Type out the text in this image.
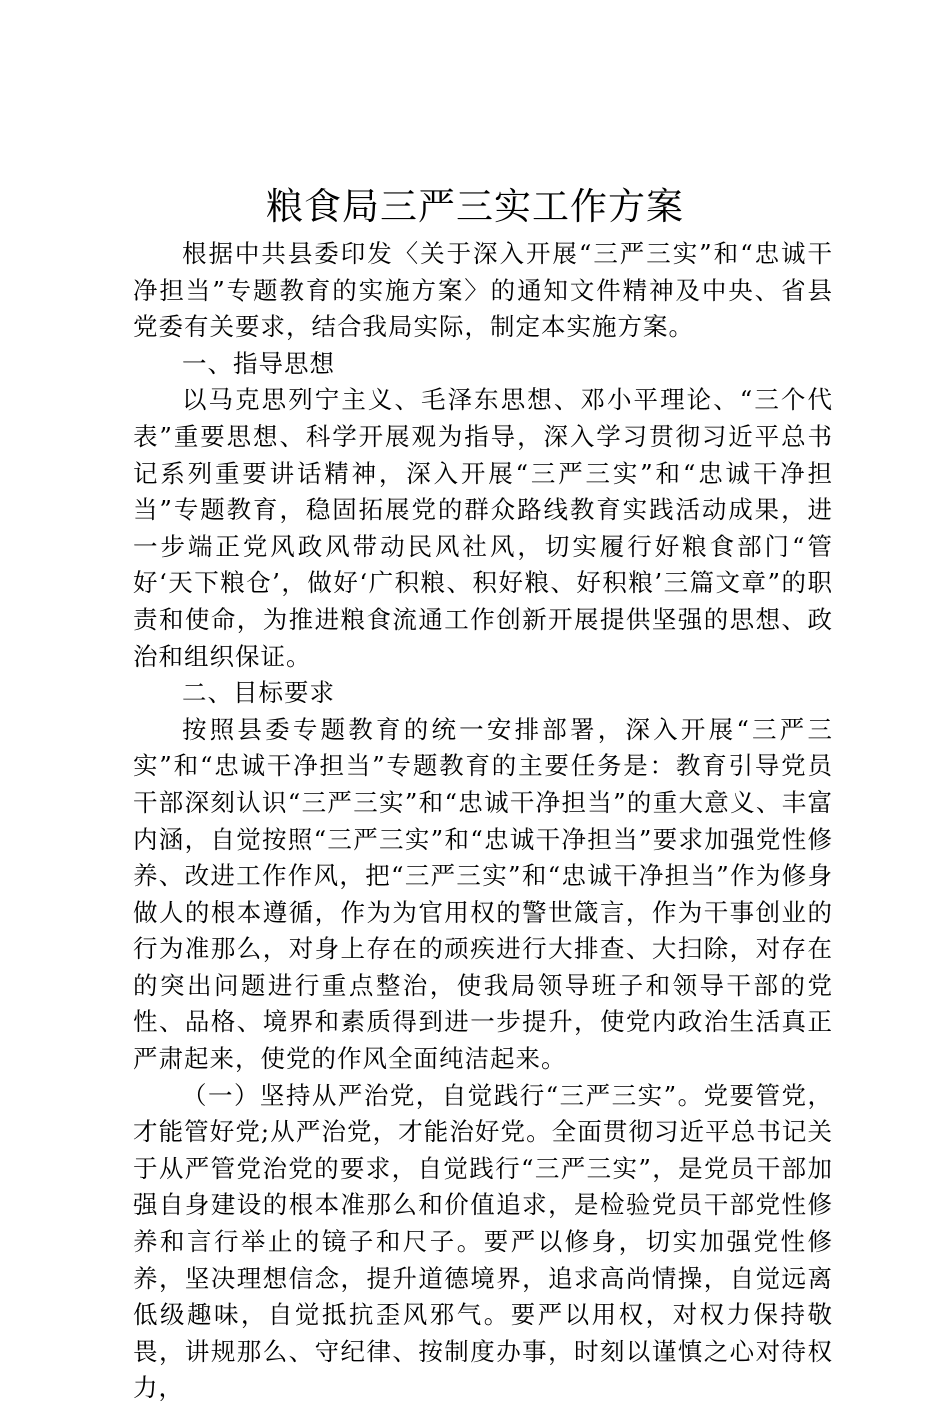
粮食局三严三实工作方案

根据中共县委印发〈关于深入开展“三严三实”和“忠诚干净担当”专题教育的实施方案〉的通知文件精神及中央、省县党委有关要求，结合我局实际，制定本实施方案。

一、指导思想

以马克思列宁主义、毛泽东思想、邓小平理论、“三个代表”重要思想、科学开展观为指导，深入学习贯彻习近平总书记系列重要讲话精神，深入开展“三严三实”和“忠诚干净担当”专题教育，稳固拓展党的群众路线教育实践活动成果，进一步端正党风政风带动民风社风，切实履行好粮食部门“管好‘天下粮仓’，做好‘广积粮、积好粮、好积粮’三篇文章”的职责和使命，为推进粮食流通工作创新开展提供坚强的思想、政治和组织保证。

二、目标要求

按照县委专题教育的统一安排部署，深入开展“三严三实”和“忠诚干净担当”专题教育的主要任务是：教育引导党员干部深刻认识“三严三实”和“忠诚干净担当”的重大意义、丰富内涵，自觉按照“三严三实”和“忠诚干净担当”要求加强党性修养、改进工作作风，把“三严三实”和“忠诚干净担当”作为修身做人的根本遵循，作为为官用权的警世箴言，作为干事创业的行为准那么，对身上存在的顽疾进行大排查、大扫除，对存在的突出问题进行重点整治，使我局领导班子和领导干部的党性、品格、境界和素质得到进一步提升，使党内政治生活真正严肃起来，使党的作风全面纯洁起来。

（一）坚持从严治党，自觉践行“三严三实”。党要管党，才能管好党;从严治党，才能治好党。全面贯彻习近平总书记关于从严管党治党的要求，自觉践行“三严三实”，是党员干部加强自身建设的根本准那么和价值追求，是检验党员干部党性修养和言行举止的镜子和尺子。要严以修身，切实加强党性修养，坚决理想信念，提升道德境界，追求高尚情操，自觉远离低级趣味，自觉抵抗歪风邪气。要严以用权，对权力保持敬畏，讲规那么、守纪律、按制度办事，时刻以谨慎之心对待权力，
